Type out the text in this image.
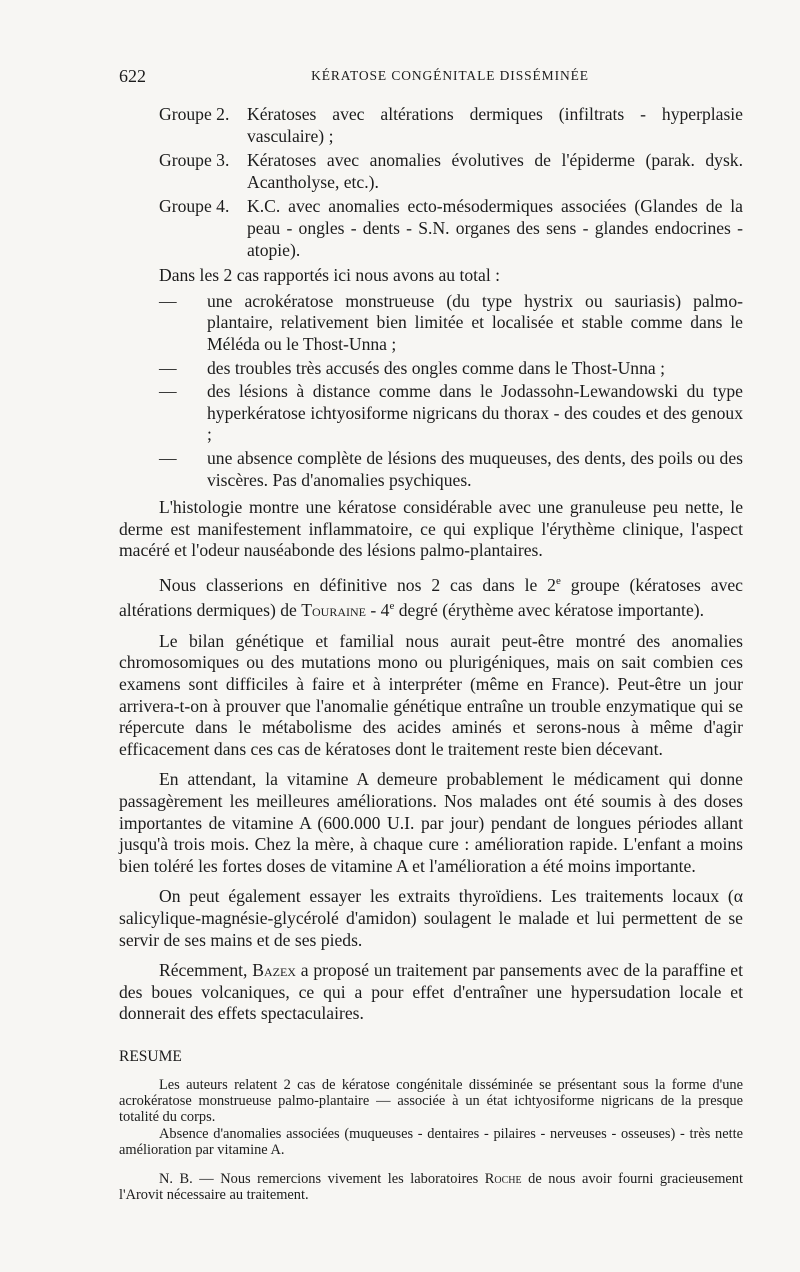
622	KÉRATOSE CONGÉNITALE DISSÉMINÉE
Groupe 2.	Kératoses avec altérations dermiques (infiltrats - hyperplasie vasculaire) ;
Groupe 3.	Kératoses avec anomalies évolutives de l'épiderme (parak. dysk. Acantholyse, etc.).
Groupe 4.	K.C. avec anomalies ecto-mésodermiques associées (Glandes de la peau - ongles - dents - S.N. organes des sens - glandes endocrines - atopie).
Dans les 2 cas rapportés ici nous avons au total :
—	une acrokératose monstrueuse (du type hystrix ou sauriasis) palmo-plantaire, relativement bien limitée et localisée et stable comme dans le Méléda ou le Thost-Unna ;
—	des troubles très accusés des ongles comme dans le Thost-Unna ;
—	des lésions à distance comme dans le Jodassohn-Lewandowski du type hyperkératose ichtyosiforme nigricans du thorax - des coudes et des genoux ;
—	une absence complète de lésions des muqueuses, des dents, des poils ou des viscères. Pas d'anomalies psychiques.

L'histologie montre une kératose considérable avec une granuleuse peu nette, le derme est manifestement inflammatoire, ce qui explique l'érythème clinique, l'aspect macéré et l'odeur nauséabonde des lésions palmo-plantaires.

Nous classerions en définitive nos 2 cas dans le 2e groupe (kératoses avec altérations dermiques) de Touraine - 4e degré (érythème avec kératose importante).

Le bilan génétique et familial nous aurait peut-être montré des anomalies chromosomiques ou des mutations mono ou plurigéniques, mais on sait combien ces examens sont difficiles à faire et à interpréter (même en France). Peut-être un jour arrivera-t-on à prouver que l'anomalie génétique entraîne un trouble enzymatique qui se répercute dans le métabolisme des acides aminés et serons-nous à même d'agir efficacement dans ces cas de kératoses dont le traitement reste bien décevant.

En attendant, la vitamine A demeure probablement le médicament qui donne passagèrement les meilleures améliorations. Nos malades ont été soumis à des doses importantes de vitamine A (600.000 U.I. par jour) pendant de longues périodes allant jusqu'à trois mois. Chez la mère, à chaque cure : amélioration rapide. L'enfant a moins bien toléré les fortes doses de vitamine A et l'amélioration a été moins importante.

On peut également essayer les extraits thyroïdiens. Les traitements locaux (α salicylique-magnésie-glycérolé d'amidon) soulagent le malade et lui permettent de se servir de ses mains et de ses pieds.

Récemment, Bazex a proposé un traitement par pansements avec de la paraffine et des boues volcaniques, ce qui a pour effet d'entraîner une hypersudation locale et donnerait des effets spectaculaires.

RESUME

Les auteurs relatent 2 cas de kératose congénitale disséminée se présentant sous la forme d'une acrokératose monstrueuse palmo-plantaire — associée à un état ichtyosiforme nigricans de la presque totalité du corps.

Absence d'anomalies associées (muqueuses - dentaires - pilaires - nerveuses - osseuses) - très nette amélioration par vitamine A.

N. B. — Nous remercions vivement les laboratoires Roche de nous avoir fourni gracieusement l'Arovit nécessaire au traitement.
